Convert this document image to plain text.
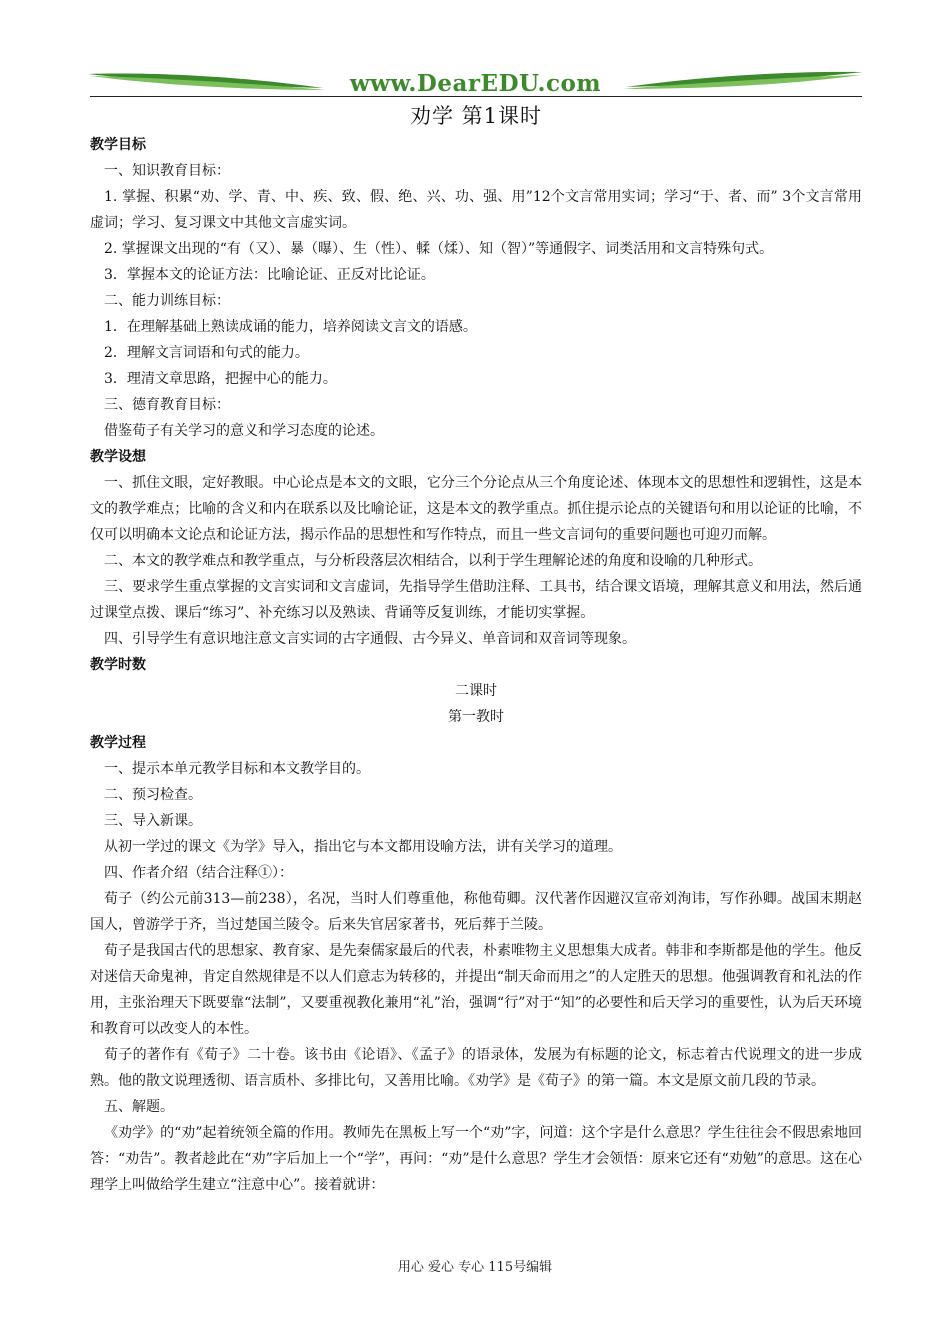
www.DearEDU.com
劝学 第1课时
教学目标

一、知识教育目标：

1. 掌握、积累“劝、学、青、中、疾、致、假、绝、兴、功、强、用”12个文言常用实词；学习“于、者、而” 3个文言常用虚词；学习、复习课文中其他文言虚实词。

2. 掌握课文出现的“有（又）、暴（曝）、生（性）、輮（煣）、知（智）”等通假字、词类活用和文言特殊句式。

3．掌握本文的论证方法：比喻论证、正反对比论证。

二、能力训练目标：

1．在理解基础上熟读成诵的能力，培养阅读文言文的语感。

2．理解文言词语和句式的能力。

3．理清文章思路，把握中心的能力。

三、德育教育目标：

借鉴荀子有关学习的意义和学习态度的论述。

教学设想

一、抓住文眼，定好教眼。中心论点是本文的文眼，它分三个分论点从三个角度论述、体现本文的思想性和逻辑性，这是本文的教学难点；比喻的含义和内在联系以及比喻论证，这是本文的教学重点。抓住提示论点的关键语句和用以论证的比喻，不仅可以明确本文论点和论证方法，揭示作品的思想性和写作特点，而且一些文言词句的重要问题也可迎刃而解。

二、本文的教学难点和教学重点，与分析段落层次相结合，以利于学生理解论述的角度和设喻的几种形式。

三、要求学生重点掌握的文言实词和文言虚词，先指导学生借助注释、工具书，结合课文语境，理解其意义和用法，然后通过课堂点拨、课后“练习”、补充练习以及熟读、背诵等反复训练，才能切实掌握。

四、引导学生有意识地注意文言实词的古字通假、古今异义、单音词和双音词等现象。

教学时数

二课时

第一教时

教学过程

一、提示本单元教学目标和本文教学目的。

二、预习检查。

三、导入新课。

从初一学过的课文《为学》导入，指出它与本文都用设喻方法，讲有关学习的道理。

四、作者介绍（结合注释①）：

荀子（约公元前313—前238），名况，当时人们尊重他，称他荀卿。汉代著作因避汉宣帝刘洵讳，写作孙卿。战国末期赵国人，曾游学于齐，当过楚国兰陵令。后来失官居家著书，死后葬于兰陵。

荀子是我国古代的思想家、教育家、是先秦儒家最后的代表，朴素唯物主义思想集大成者。韩非和李斯都是他的学生。他反对迷信天命鬼神，肯定自然规律是不以人们意志为转移的，并提出“制天命而用之”的人定胜天的思想。他强调教育和礼法的作用，主张治理天下既要靠“法制”，又要重视教化兼用“礼”治，强调“行”对于“知”的必要性和后天学习的重要性，认为后天环境和教育可以改变人的本性。

荀子的著作有《荀子》二十卷。该书由《论语》、《孟子》的语录体，发展为有标题的论文，标志着古代说理文的进一步成熟。他的散文说理透彻、语言质朴、多排比句，又善用比喻。《劝学》是《荀子》的第一篇。本文是原文前几段的节录。

五、解题。

《劝学》的“劝”起着统领全篇的作用。教师先在黑板上写一个“劝”字，问道：这个字是什么意思？学生往往会不假思索地回答：“劝告”。教者趁此在“劝”字后加上一个“学”，再问：“劝”是什么意思？学生才会领悟：原来它还有“劝勉”的意思。这在心理学上叫做给学生建立“注意中心”。接着就讲：

用心 爱心 专心 115号编辑
